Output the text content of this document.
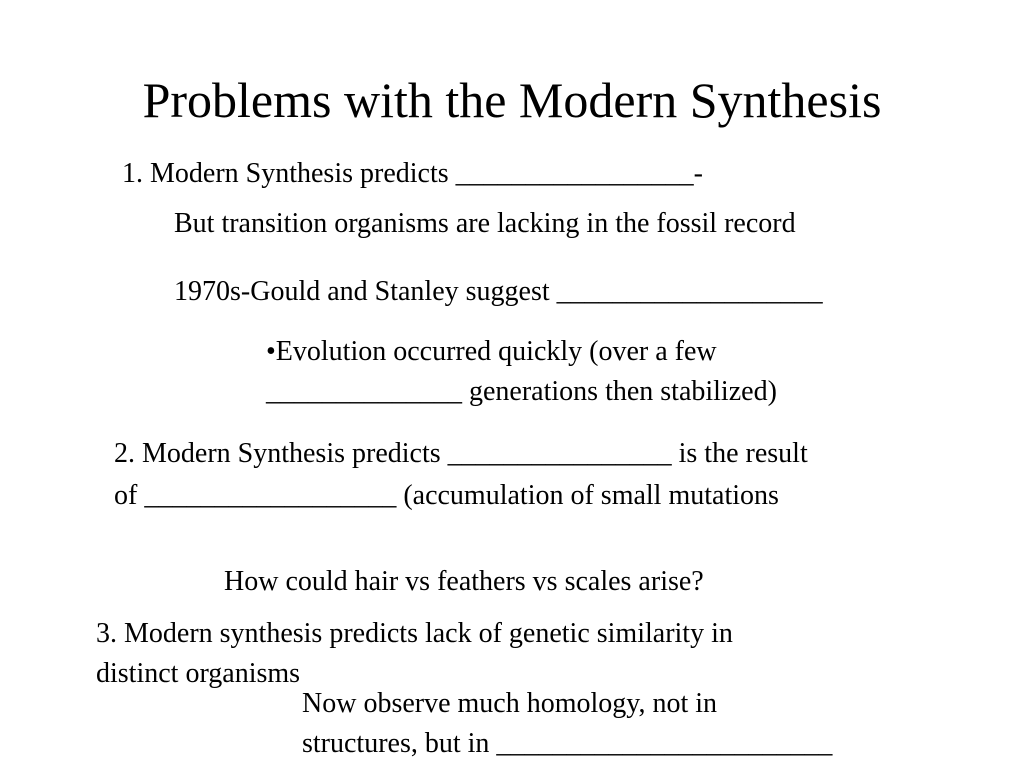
Problems with the Modern Synthesis
1. Modern Synthesis predicts _________________-
But transition organisms are lacking in the fossil record
1970s-Gould and Stanley suggest ___________________
•Evolution occurred quickly (over a few
______________ generations then stabilized)
2. Modern Synthesis predicts ________________ is the result
of __________________ (accumulation of small mutations
How could hair vs feathers vs scales arise?
3. Modern synthesis predicts lack of genetic similarity in
distinct organisms
Now observe much homology, not in
structures, but in ________________________
